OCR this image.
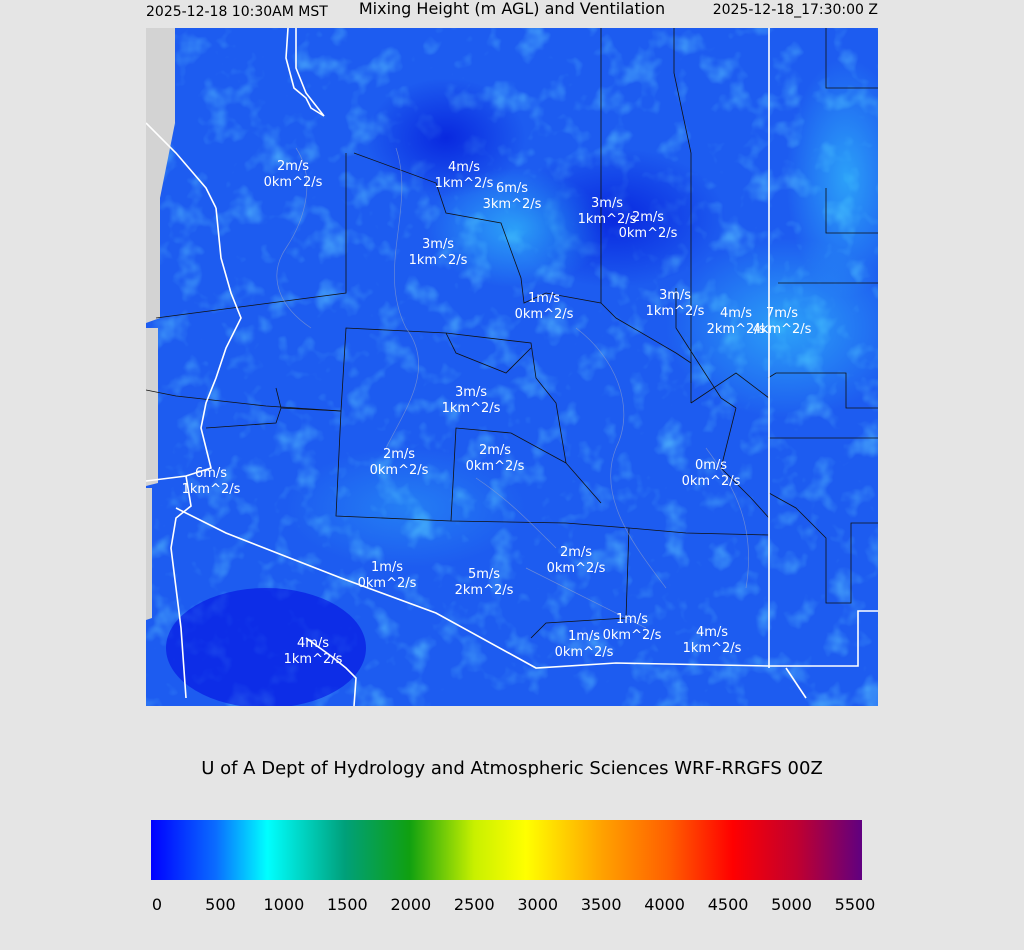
2025-12-18 10:30AM MST	Mixing Height (m AGL) and Ventilation	2025-12-18_17:30:00 Z
2m/s
0km^2/s
4m/s
1km^2/s 6m/s
3km^2/s	3m/s
1km^2/s
2m/s
0km^2/s
3m/s
1km^2/s
1m/s
0km^2/s
3m/s
1km^2/s	4m/s
2km^2/s
7m/s
4km^2/s
3m/s
1km^2/s
2m/s
0km^2/s
2m/s
0km^2/s	0m/s
0km^2/s
6m/s
1km^2/s
1m/s
0km^2/s
5m/s
2km^2/s
2m/s
0km^2/s
1m/s
0km^2/s
1m/s
0km^2/s
4m/s
1km^2/s
4m/s
1km^2/s
U of A Dept of Hydrology and Atmospheric Sciences WRF-RRGFS 00Z
0	500 1000 1500 2000 2500 3000 3500 4000 4500 5000 5500
